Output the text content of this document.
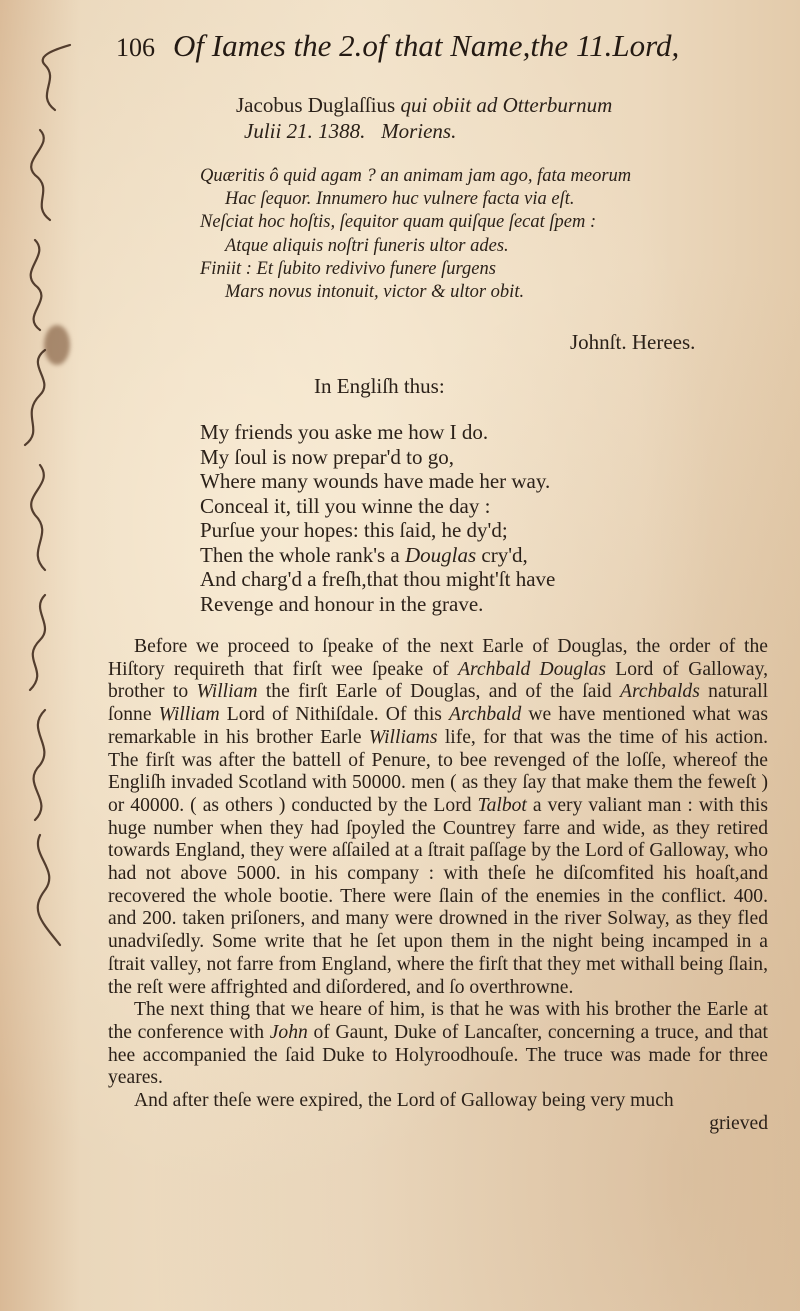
106 Of Iames the 2.of that Name,the 11.Lord,
Jacobus Duglaſſius qui obiit ad Otterburnum
Julii 21. 1388. Moriens.
Quæritis ô quid agam ? an animam jam ago, fata meorum
Hac ſequor. Innumero huc vulnere facta via eſt.
Neſciat hoc hoſtis, ſequitor quam quiſque ſecat ſpem :
Atque aliquis noſtri funeris ultor ades.
Finiit : Et ſubito redivivo funere ſurgens
Mars novus intonuit, victor & ultor obit.
Johnſt. Herees.
In Engliſh thus:
My friends you aske me how I do.
My ſoul is now prepar'd to go,
Where many wounds have made her way.
Conceal it, till you winne the day :
Purſue your hopes: this ſaid, he dy'd;
Then the whole rank's a Douglas cry'd,
And charg'd a freſh,that thou might'ſt have
Revenge and honour in the grave.

Before we proceed to ſpeake of the next Earle of Douglas, the order of the Hiſtory requireth that firſt wee ſpeake of Archbald Douglas Lord of Galloway, brother to William the firſt Earle of Douglas, and of the ſaid Archbalds naturall ſonne William Lord of Nithiſdale. Of this Archbald we have mentioned what was remarkable in his brother Earle Williams life, for that was the time of his action. The firſt was after the battell of Penure, to bee revenged of the loſſe, whereof the Engliſh invaded Scotland with 50000. men ( as they ſay that make them the feweſt ) or 40000. ( as others ) conducted by the Lord Talbot a very valiant man : with this huge number when they had ſpoyled the Countrey farre and wide, as they retired towards England, they were aſſailed at a ſtrait paſſage by the Lord of Galloway, who had not above 5000. in his company : with theſe he diſcomfited his hoaſt,and recovered the whole bootie. There were ſlain of the enemies in the conflict. 400. and 200. taken priſoners, and many were drowned in the river Solway, as they fled unadviſedly. Some write that he ſet upon them in the night being incamped in a ſtrait valley, not farre from England, where the firſt that they met withall being ſlain, the reſt were affrighted and diſordered, and ſo overthrowne.

The next thing that we heare of him, is that he was with his brother the Earle at the conference with John of Gaunt, Duke of Lancaſter, concerning a truce, and that hee accompanied the ſaid Duke to Holyroodhouſe. The truce was made for three yeares.

And after theſe were expired, the Lord of Galloway being very much

grieved
